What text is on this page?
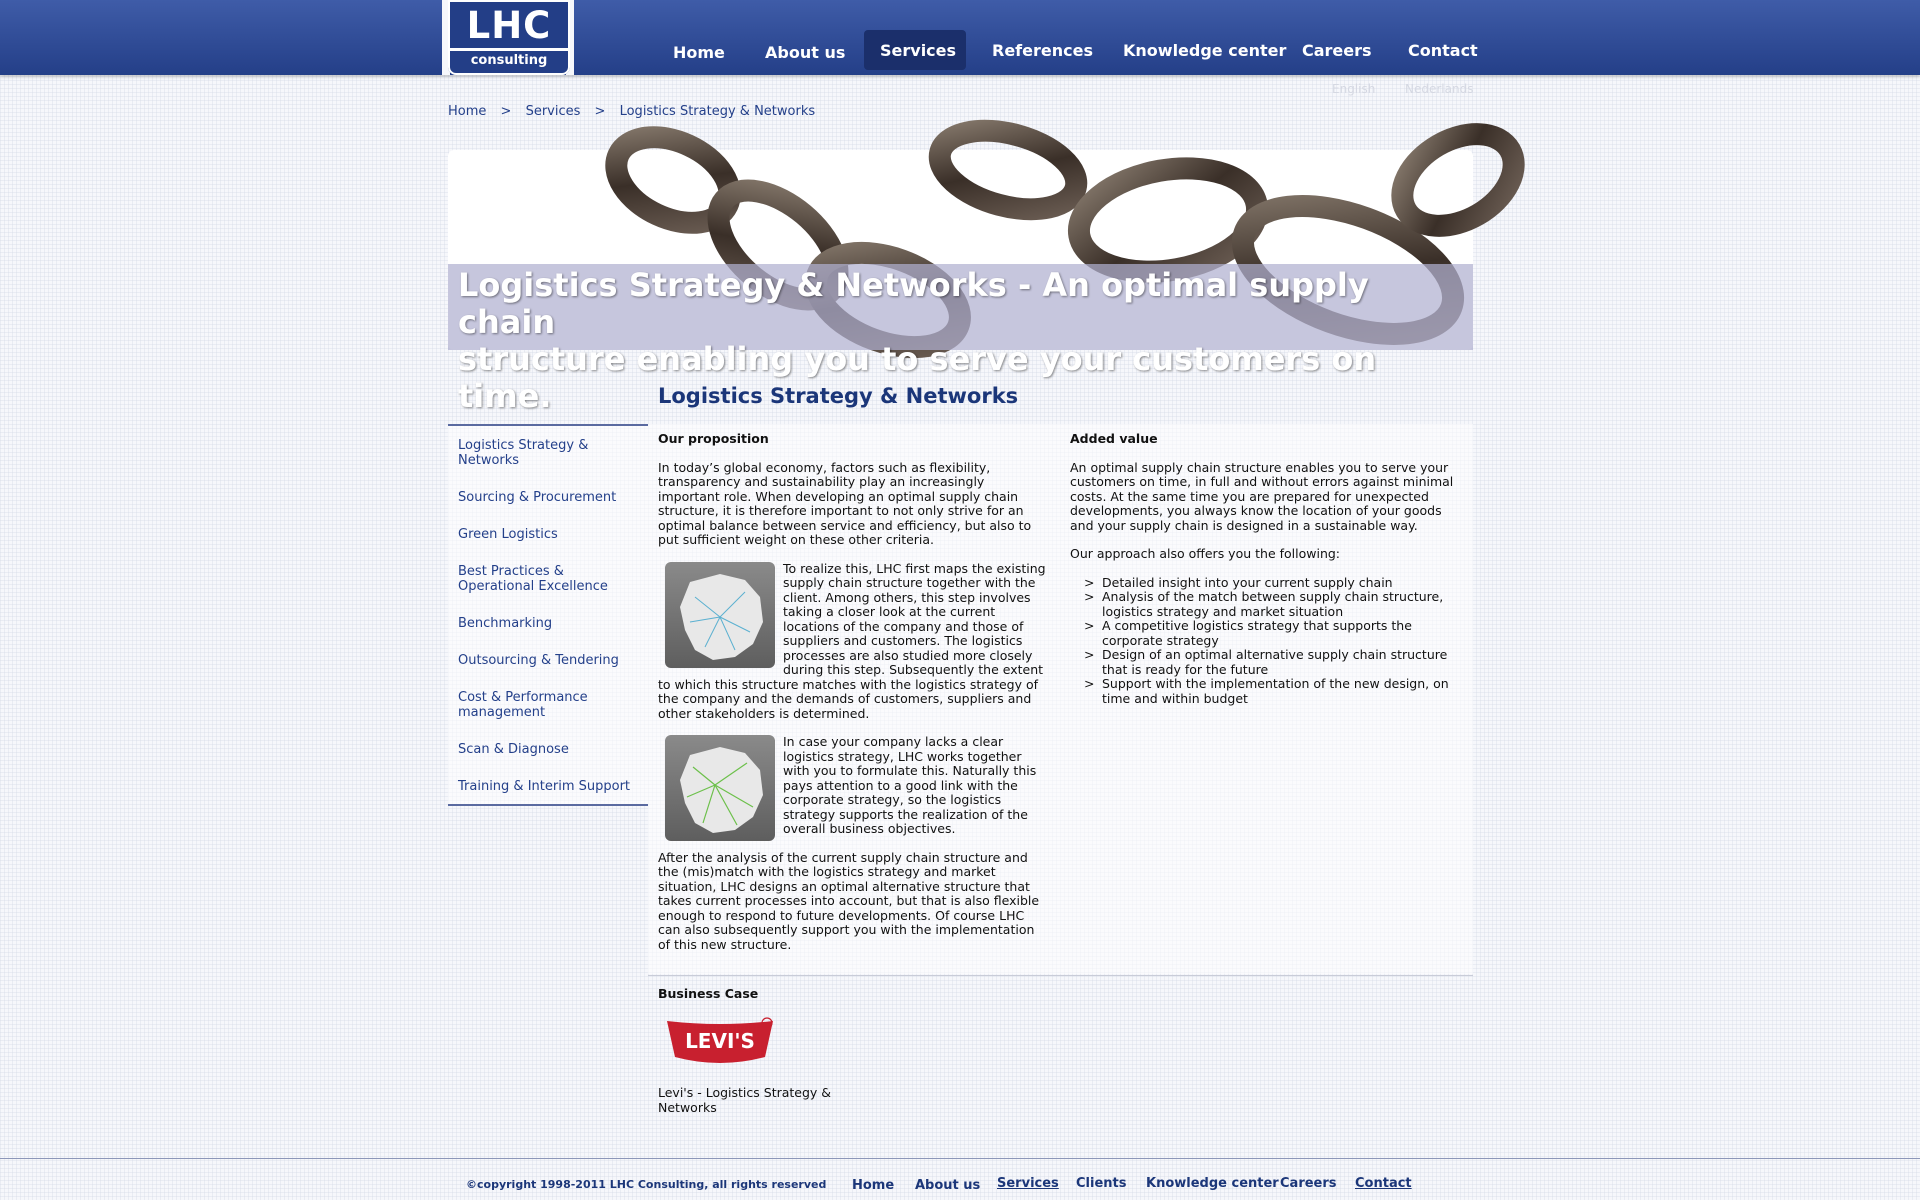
LHC
consulting	Home	About us Services References Knowledge center Careers Contact
English Nederlands
Home > Services > Logistics Strategy & Networks
Logistics Strategy & Networks - An optimal supply chain
structure enabling you to serve your customers on time.	Logistics Strategy & Networks
Logistics Strategy & Networks
Sourcing & Procurement
Green Logistics
Best Practices & Operational Excellence
Benchmarking
Outsourcing & Tendering
Cost & Performance management
Scan & Diagnose
Training & Interim Support
Our proposition

In today’s global economy, factors such as flexibility, transparency and sustainability play an increasingly important role. When developing an optimal supply chain structure, it is therefore important to not only strive for an optimal balance between service and efficiency, but also to put sufficient weight on these other criteria.

To realize this, LHC first maps the existing supply chain structure together with the client. Among others, this step involves taking a closer look at the current locations of the company and those of suppliers and customers. The logistics processes are also studied more closely during this step. Subsequently the extent to which this structure matches with the logistics strategy of the company and the demands of customers, suppliers and other stakeholders is determined.

In case your company lacks a clear logistics strategy, LHC works together with you to formulate this. Naturally this pays attention to a good link with the corporate strategy, so the logistics strategy supports the realization of the overall business objectives.

After the analysis of the current supply chain structure and the (mis)match with the logistics strategy and market situation, LHC designs an optimal alternative structure that takes current processes into account, but that is also flexible enough to respond to future developments. Of course LHC can also subsequently support you with the implementation of this new structure.

Added value

An optimal supply chain structure enables you to serve your customers on time, in full and without errors against minimal costs. At the same time you are prepared for unexpected developments, you always know the location of your goods and your supply chain is designed in a sustainable way.

Our approach also offers you the following:

> Detailed insight into your current supply chain
> Analysis of the match between supply chain structure, logistics strategy and market situation
> A competitive logistics strategy that supports the corporate strategy
> Design of an optimal alternative supply chain structure that is ready for the future
> Support with the implementation of the new design, on time and within budget
Business Case
LEVI'S
Levi's - Logistics Strategy & Networks
©copyright 1998-2011 LHC Consulting, all rights reserved Home About us Services Clients Knowledge center Careers Contact
